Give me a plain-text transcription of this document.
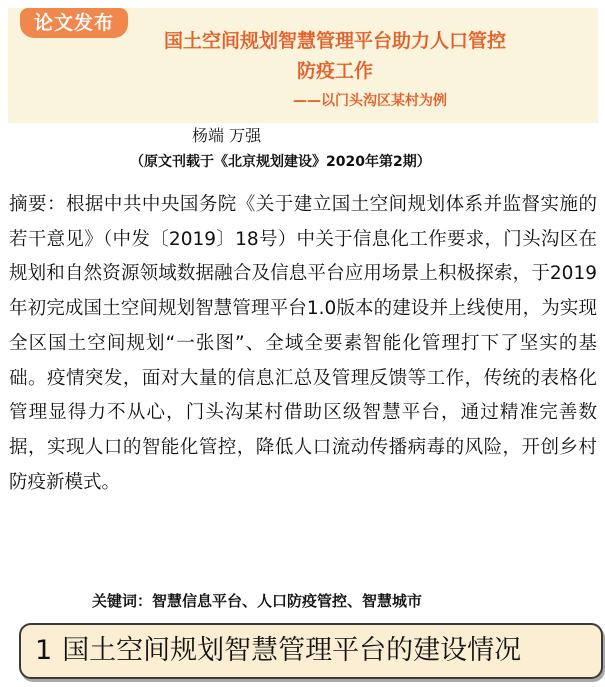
论文发布
国土空间规划智慧管理平台助力人口管控
防疫工作
——以门头沟区某村为例
杨端 万强
（原文刊载于《北京规划建设》2020年第2期）

摘要：根据中共中央国务院《关于建立国土空间规划体系并监督实施的若干意见》（中发〔2019〕18号）中关于信息化工作要求，门头沟区在规划和自然资源领域数据融合及信息平台应用场景上积极探索，于2019年初完成国土空间规划智慧管理平台1.0版本的建设并上线使用，为实现全区国土空间规划“一张图”、全域全要素智能化管理打下了坚实的基础。疫情突发，面对大量的信息汇总及管理反馈等工作，传统的表格化管理显得力不从心，门头沟某村借助区级智慧平台，通过精准完善数据，实现人口的智能化管控，降低人口流动传播病毒的风险，开创乡村防疫新模式。

关键词：智慧信息平台、人口防疫管控、智慧城市
1 国土空间规划智慧管理平台的建设情况
